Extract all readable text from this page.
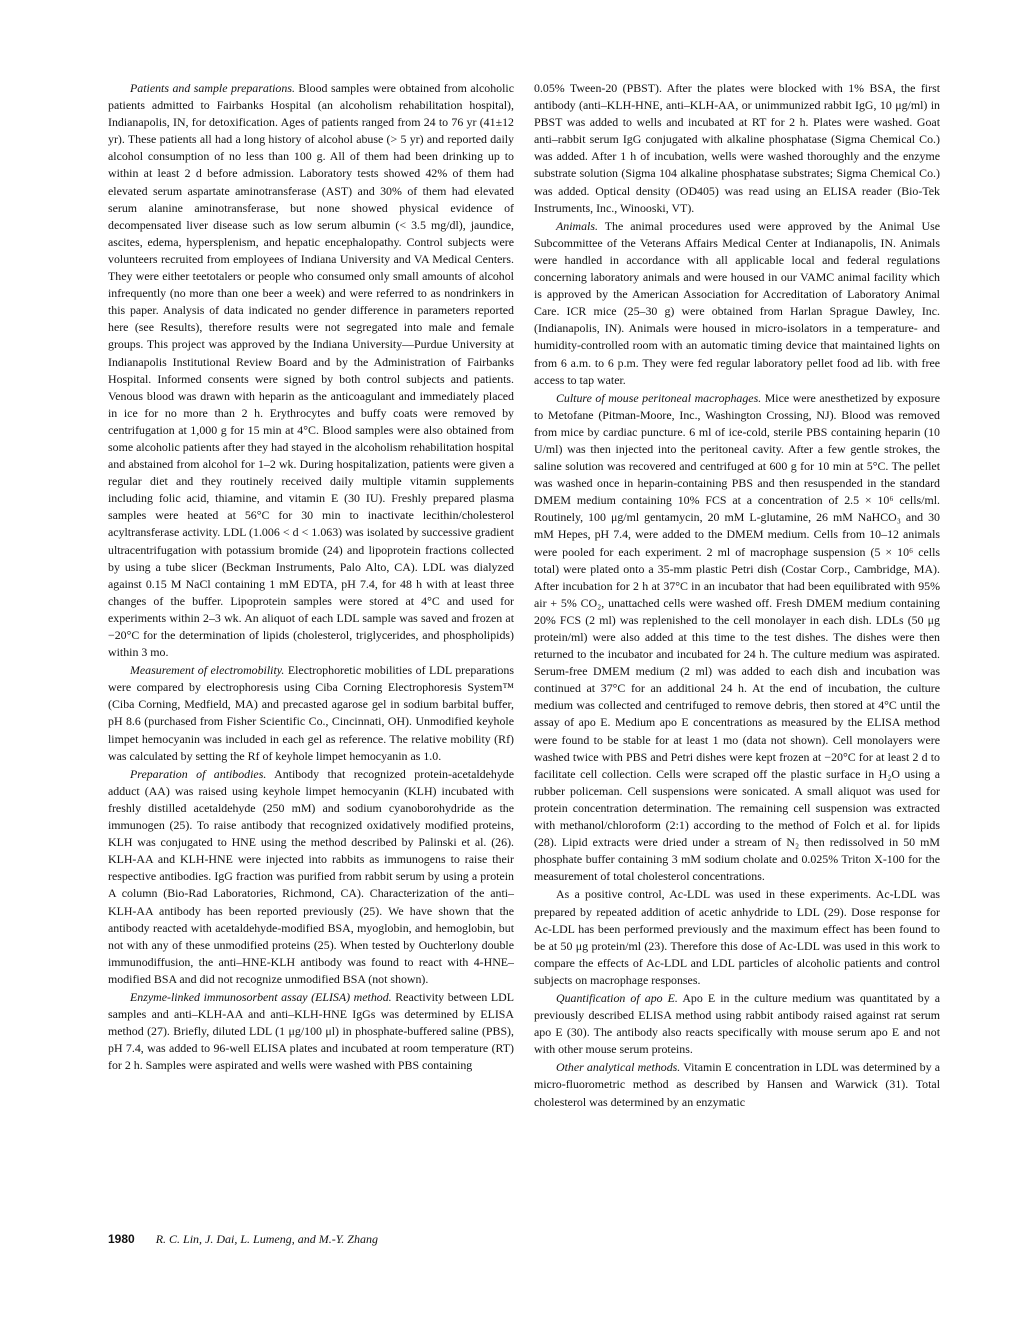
Patients and sample preparations. Blood samples were obtained from alcoholic patients admitted to Fairbanks Hospital (an alcoholism rehabilitation hospital), Indianapolis, IN, for detoxification. Ages of patients ranged from 24 to 76 yr (41±12 yr). These patients all had a long history of alcohol abuse (> 5 yr) and reported daily alcohol consumption of no less than 100 g. All of them had been drinking up to within at least 2 d before admission. Laboratory tests showed 42% of them had elevated serum aspartate aminotransferase (AST) and 30% of them had elevated serum alanine aminotransferase, but none showed physical evidence of decompensated liver disease such as low serum albumin (< 3.5 mg/dl), jaundice, ascites, edema, hypersplenism, and hepatic encephalopathy. Control subjects were volunteers recruited from employees of Indiana University and VA Medical Centers. They were either teetotalers or people who consumed only small amounts of alcohol infrequently (no more than one beer a week) and were referred to as nondrinkers in this paper. Analysis of data indicated no gender difference in parameters reported here (see Results), therefore results were not segregated into male and female groups. This project was approved by the Indiana University—Purdue University at Indianapolis Institutional Review Board and by the Administration of Fairbanks Hospital. Informed consents were signed by both control subjects and patients. Venous blood was drawn with heparin as the anticoagulant and immediately placed in ice for no more than 2 h. Erythrocytes and buffy coats were removed by centrifugation at 1,000 g for 15 min at 4°C. Blood samples were also obtained from some alcoholic patients after they had stayed in the alcoholism rehabilitation hospital and abstained from alcohol for 1–2 wk. During hospitalization, patients were given a regular diet and they routinely received daily multiple vitamin supplements including folic acid, thiamine, and vitamin E (30 IU). Freshly prepared plasma samples were heated at 56°C for 30 min to inactivate lecithin/cholesterol acyltransferase activity. LDL (1.006 < d < 1.063) was isolated by successive gradient ultracentrifugation with potassium bromide (24) and lipoprotein fractions collected by using a tube slicer (Beckman Instruments, Palo Alto, CA). LDL was dialyzed against 0.15 M NaCl containing 1 mM EDTA, pH 7.4, for 48 h with at least three changes of the buffer. Lipoprotein samples were stored at 4°C and used for experiments within 2–3 wk. An aliquot of each LDL sample was saved and frozen at −20°C for the determination of lipids (cholesterol, triglycerides, and phospholipids) within 3 mo.

Measurement of electromobility. Electrophoretic mobilities of LDL preparations were compared by electrophoresis using Ciba Corning Electrophoresis System™ (Ciba Corning, Medfield, MA) and precasted agarose gel in sodium barbital buffer, pH 8.6 (purchased from Fisher Scientific Co., Cincinnati, OH). Unmodified keyhole limpet hemocyanin was included in each gel as reference. The relative mobility (Rf) was calculated by setting the Rf of keyhole limpet hemocyanin as 1.0.

Preparation of antibodies. Antibody that recognized protein-acetaldehyde adduct (AA) was raised using keyhole limpet hemocyanin (KLH) incubated with freshly distilled acetaldehyde (250 mM) and sodium cyanoborohydride as the immunogen (25). To raise antibody that recognized oxidatively modified proteins, KLH was conjugated to HNE using the method described by Palinski et al. (26). KLH-AA and KLH-HNE were injected into rabbits as immunogens to raise their respective antibodies. IgG fraction was purified from rabbit serum by using a protein A column (Bio-Rad Laboratories, Richmond, CA). Characterization of the anti–KLH-AA antibody has been reported previously (25). We have shown that the antibody reacted with acetaldehyde-modified BSA, myoglobin, and hemoglobin, but not with any of these unmodified proteins (25). When tested by Ouchterlony double immunodiffusion, the anti–HNE-KLH antibody was found to react with 4-HNE–modified BSA and did not recognize unmodified BSA (not shown).

Enzyme-linked immunosorbent assay (ELISA) method. Reactivity between LDL samples and anti–KLH-AA and anti–KLH-HNE IgGs was determined by ELISA method (27). Briefly, diluted LDL (1 μg/100 μl) in phosphate-buffered saline (PBS), pH 7.4, was added to 96-well ELISA plates and incubated at room temperature (RT) for 2 h. Samples were aspirated and wells were washed with PBS containing

0.05% Tween-20 (PBST). After the plates were blocked with 1% BSA, the first antibody (anti–KLH-HNE, anti–KLH-AA, or unimmunized rabbit IgG, 10 μg/ml) in PBST was added to wells and incubated at RT for 2 h. Plates were washed. Goat anti–rabbit serum IgG conjugated with alkaline phosphatase (Sigma Chemical Co.) was added. After 1 h of incubation, wells were washed thoroughly and the enzyme substrate solution (Sigma 104 alkaline phosphatase substrates; Sigma Chemical Co.) was added. Optical density (OD405) was read using an ELISA reader (Bio-Tek Instruments, Inc., Winooski, VT).

Animals. The animal procedures used were approved by the Animal Use Subcommittee of the Veterans Affairs Medical Center at Indianapolis, IN. Animals were handled in accordance with all applicable local and federal regulations concerning laboratory animals and were housed in our VAMC animal facility which is approved by the American Association for Accreditation of Laboratory Animal Care. ICR mice (25–30 g) were obtained from Harlan Sprague Dawley, Inc. (Indianapolis, IN). Animals were housed in micro-isolators in a temperature- and humidity-controlled room with an automatic timing device that maintained lights on from 6 a.m. to 6 p.m. They were fed regular laboratory pellet food ad lib. with free access to tap water.

Culture of mouse peritoneal macrophages. Mice were anesthetized by exposure to Metofane (Pitman-Moore, Inc., Washington Crossing, NJ). Blood was removed from mice by cardiac puncture. 6 ml of ice-cold, sterile PBS containing heparin (10 U/ml) was then injected into the peritoneal cavity. After a few gentle strokes, the saline solution was recovered and centrifuged at 600 g for 10 min at 5°C. The pellet was washed once in heparin-containing PBS and then resuspended in the standard DMEM medium containing 10% FCS at a concentration of 2.5 × 10⁶ cells/ml. Routinely, 100 μg/ml gentamycin, 20 mM L-glutamine, 26 mM NaHCO₃ and 30 mM Hepes, pH 7.4, were added to the DMEM medium. Cells from 10–12 animals were pooled for each experiment. 2 ml of macrophage suspension (5 × 10⁶ cells total) were plated onto a 35-mm plastic Petri dish (Costar Corp., Cambridge, MA). After incubation for 2 h at 37°C in an incubator that had been equilibrated with 95% air + 5% CO₂, unattached cells were washed off. Fresh DMEM medium containing 20% FCS (2 ml) was replenished to the cell monolayer in each dish. LDLs (50 μg protein/ml) were also added at this time to the test dishes. The dishes were then returned to the incubator and incubated for 24 h. The culture medium was aspirated. Serum-free DMEM medium (2 ml) was added to each dish and incubation was continued at 37°C for an additional 24 h. At the end of incubation, the culture medium was collected and centrifuged to remove debris, then stored at 4°C until the assay of apo E. Medium apo E concentrations as measured by the ELISA method were found to be stable for at least 1 mo (data not shown). Cell monolayers were washed twice with PBS and Petri dishes were kept frozen at −20°C for at least 2 d to facilitate cell collection. Cells were scraped off the plastic surface in H₂O using a rubber policeman. Cell suspensions were sonicated. A small aliquot was used for protein concentration determination. The remaining cell suspension was extracted with methanol/chloroform (2:1) according to the method of Folch et al. for lipids (28). Lipid extracts were dried under a stream of N₂ then redissolved in 50 mM phosphate buffer containing 3 mM sodium cholate and 0.025% Triton X-100 for the measurement of total cholesterol concentrations.

As a positive control, Ac-LDL was used in these experiments. Ac-LDL was prepared by repeated addition of acetic anhydride to LDL (29). Dose response for Ac-LDL has been performed previously and the maximum effect has been found to be at 50 μg protein/ml (23). Therefore this dose of Ac-LDL was used in this work to compare the effects of Ac-LDL and LDL particles of alcoholic patients and control subjects on macrophage responses.

Quantification of apo E. Apo E in the culture medium was quantitated by a previously described ELISA method using rabbit antibody raised against rat serum apo E (30). The antibody also reacts specifically with mouse serum apo E and not with other mouse serum proteins.

Other analytical methods. Vitamin E concentration in LDL was determined by a micro-fluorometric method as described by Hansen and Warwick (31). Total cholesterol was determined by an enzymatic

1980 R. C. Lin, J. Dai, L. Lumeng, and M.-Y. Zhang
